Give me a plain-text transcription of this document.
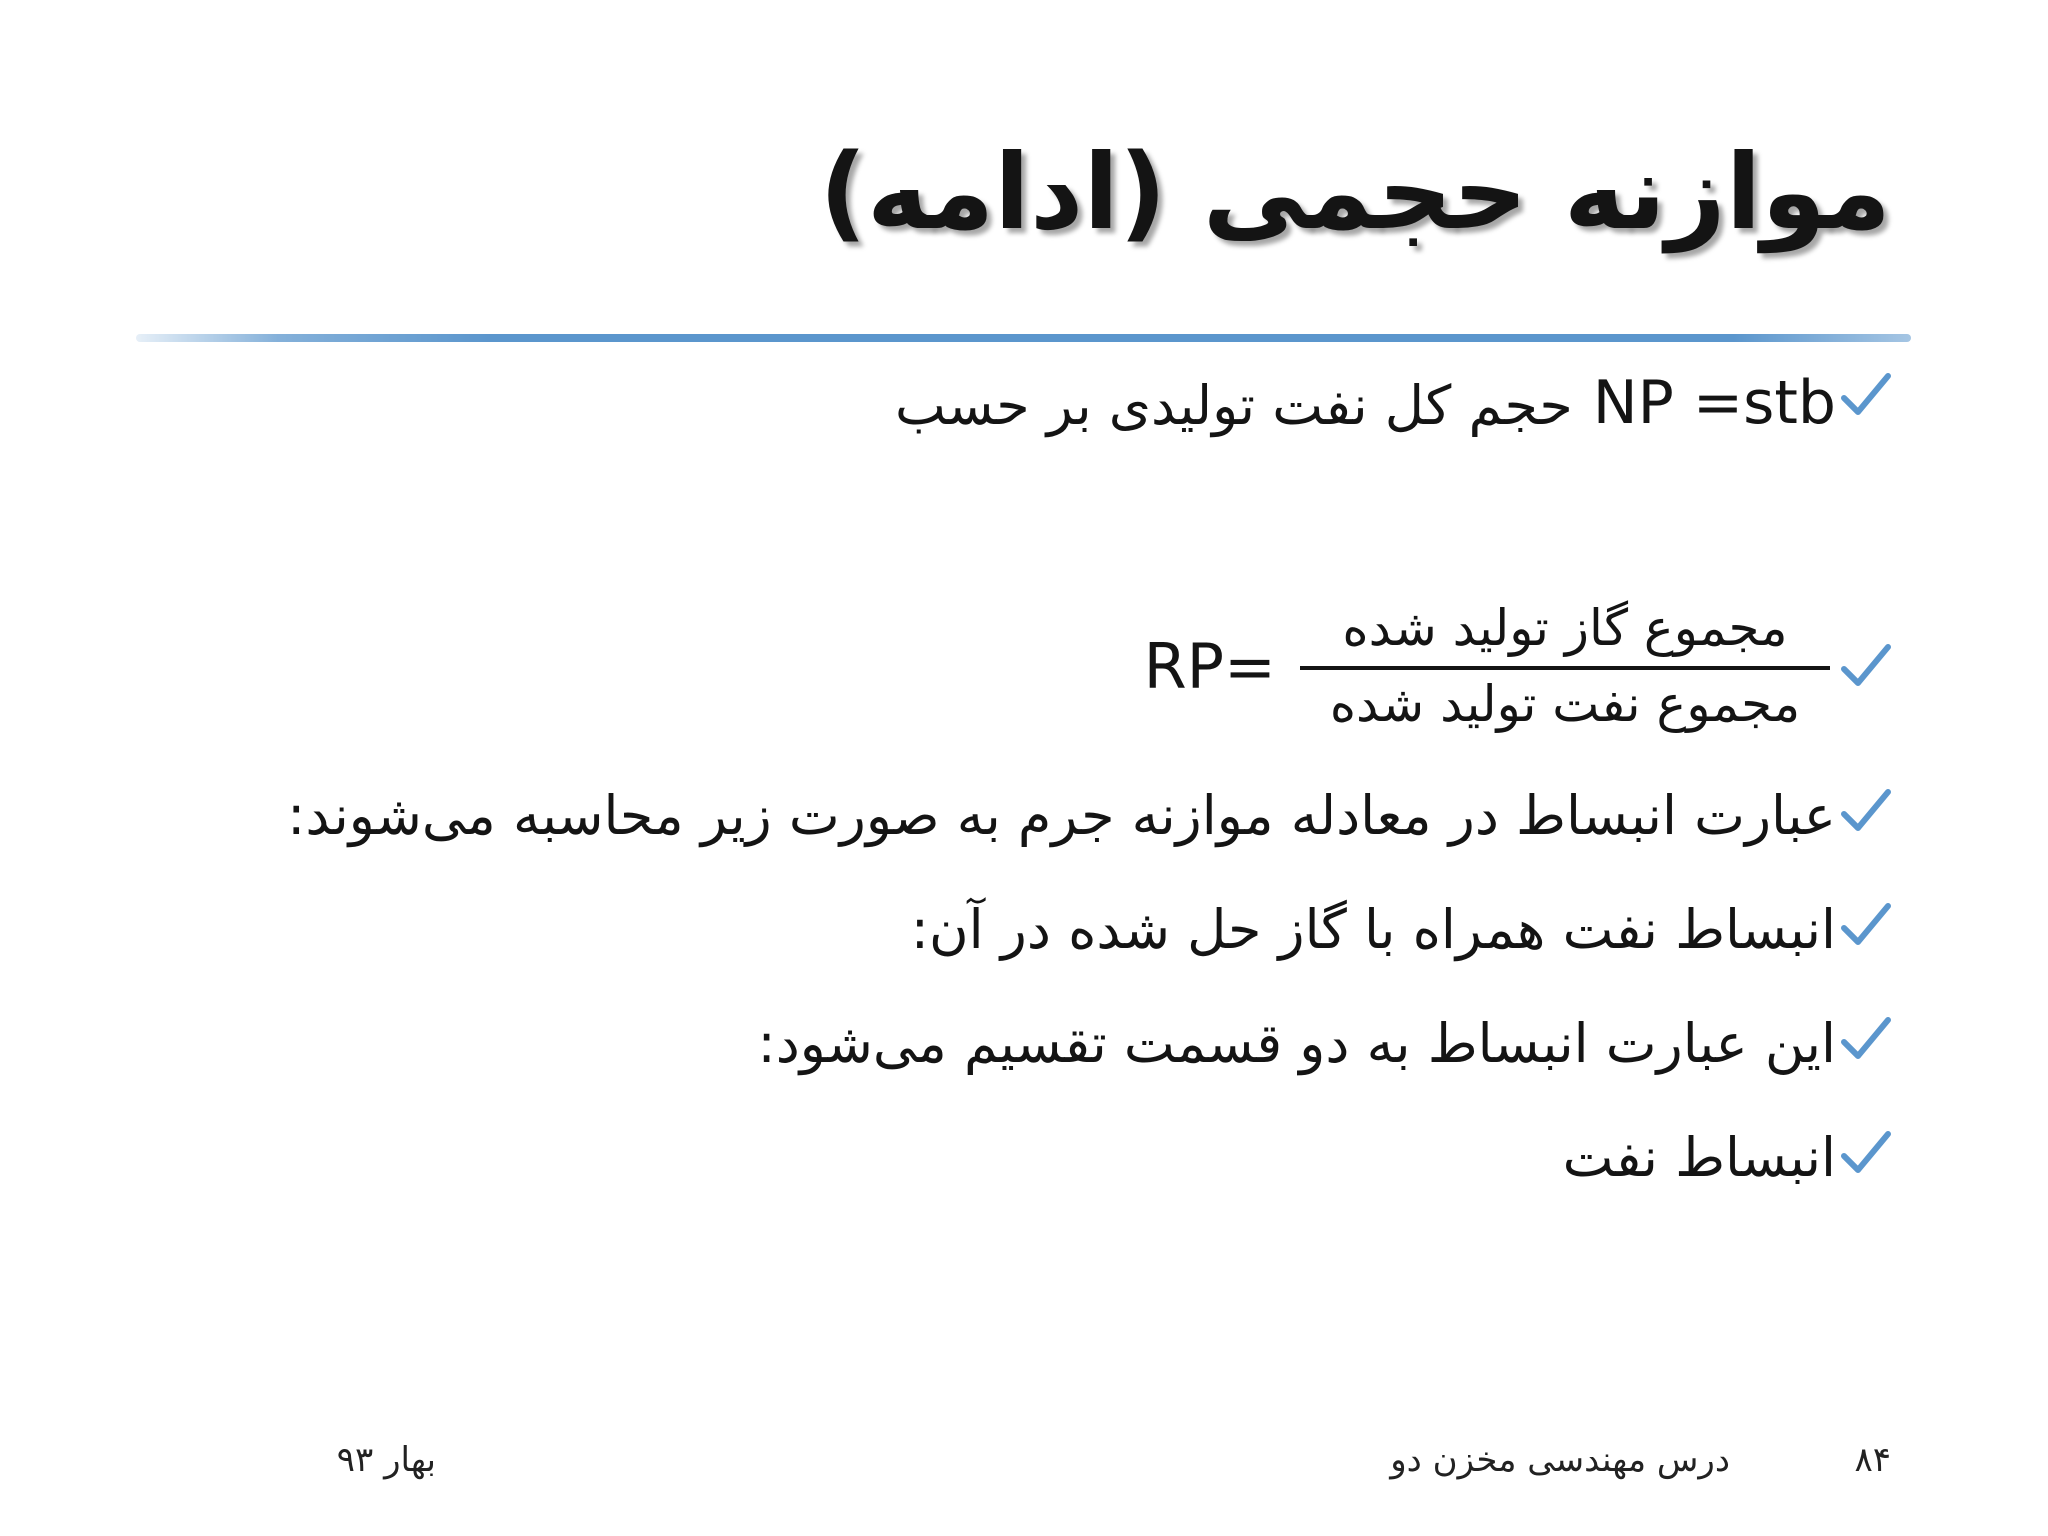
موازنه حجمی (ادامه)
حجم کل نفت تولیدی بر حسب NP =stb
$RP= \frac{\text{مجموع گاز تولید شده}}{\text{مجموع نفت تولید شده}}$
عبارت انبساط در معادله موازنه جرم به صورت زیر محاسبه می‌شوند:
انبساط نفت همراه با گاز حل شده در آن:
این عبارت انبساط به دو قسمت تقسیم می‌شود:
انبساط نفت
۸۴
درس مهندسی مخزن دو
بهار ۹۳
